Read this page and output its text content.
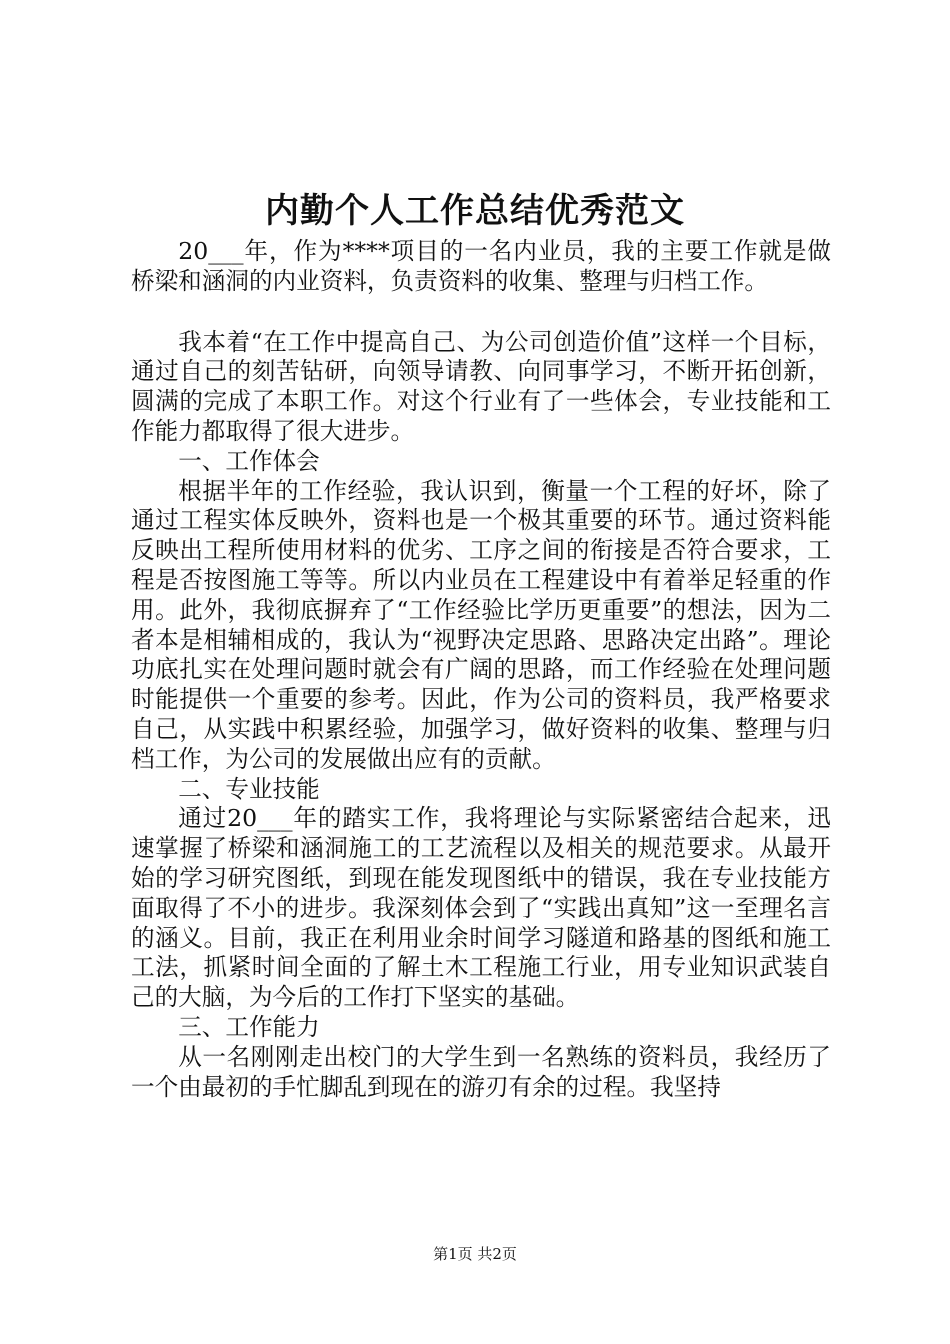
内勤个人工作总结优秀范文

20___年，作为****项目的一名内业员，我的主要工作就是做桥梁和涵洞的内业资料，负责资料的收集、整理与归档工作。

我本着“在工作中提高自己、为公司创造价值”这样一个目标，通过自己的刻苦钻研，向领导请教、向同事学习，不断开拓创新，圆满的完成了本职工作。对这个行业有了一些体会，专业技能和工作能力都取得了很大进步。

一、工作体会

根据半年的工作经验，我认识到，衡量一个工程的好坏，除了通过工程实体反映外，资料也是一个极其重要的环节。通过资料能反映出工程所使用材料的优劣、工序之间的衔接是否符合要求，工程是否按图施工等等。所以内业员在工程建设中有着举足轻重的作用。此外，我彻底摒弃了“工作经验比学历更重要”的想法，因为二者本是相辅相成的，我认为“视野决定思路、思路决定出路”。理论功底扎实在处理问题时就会有广阔的思路，而工作经验在处理问题时能提供一个重要的参考。因此，作为公司的资料员，我严格要求自己，从实践中积累经验，加强学习，做好资料的收集、整理与归档工作，为公司的发展做出应有的贡献。

二、专业技能

通过20___年的踏实工作，我将理论与实际紧密结合起来，迅速掌握了桥梁和涵洞施工的工艺流程以及相关的规范要求。从最开始的学习研究图纸，到现在能发现图纸中的错误，我在专业技能方面取得了不小的进步。我深刻体会到了“实践出真知”这一至理名言的涵义。目前，我正在利用业余时间学习隧道和路基的图纸和施工工法，抓紧时间全面的了解土木工程施工行业，用专业知识武装自己的大脑，为今后的工作打下坚实的基础。

三、工作能力

从一名刚刚走出校门的大学生到一名熟练的资料员，我经历了一个由最初的手忙脚乱到现在的游刃有余的过程。我坚持

第1页 共2页
